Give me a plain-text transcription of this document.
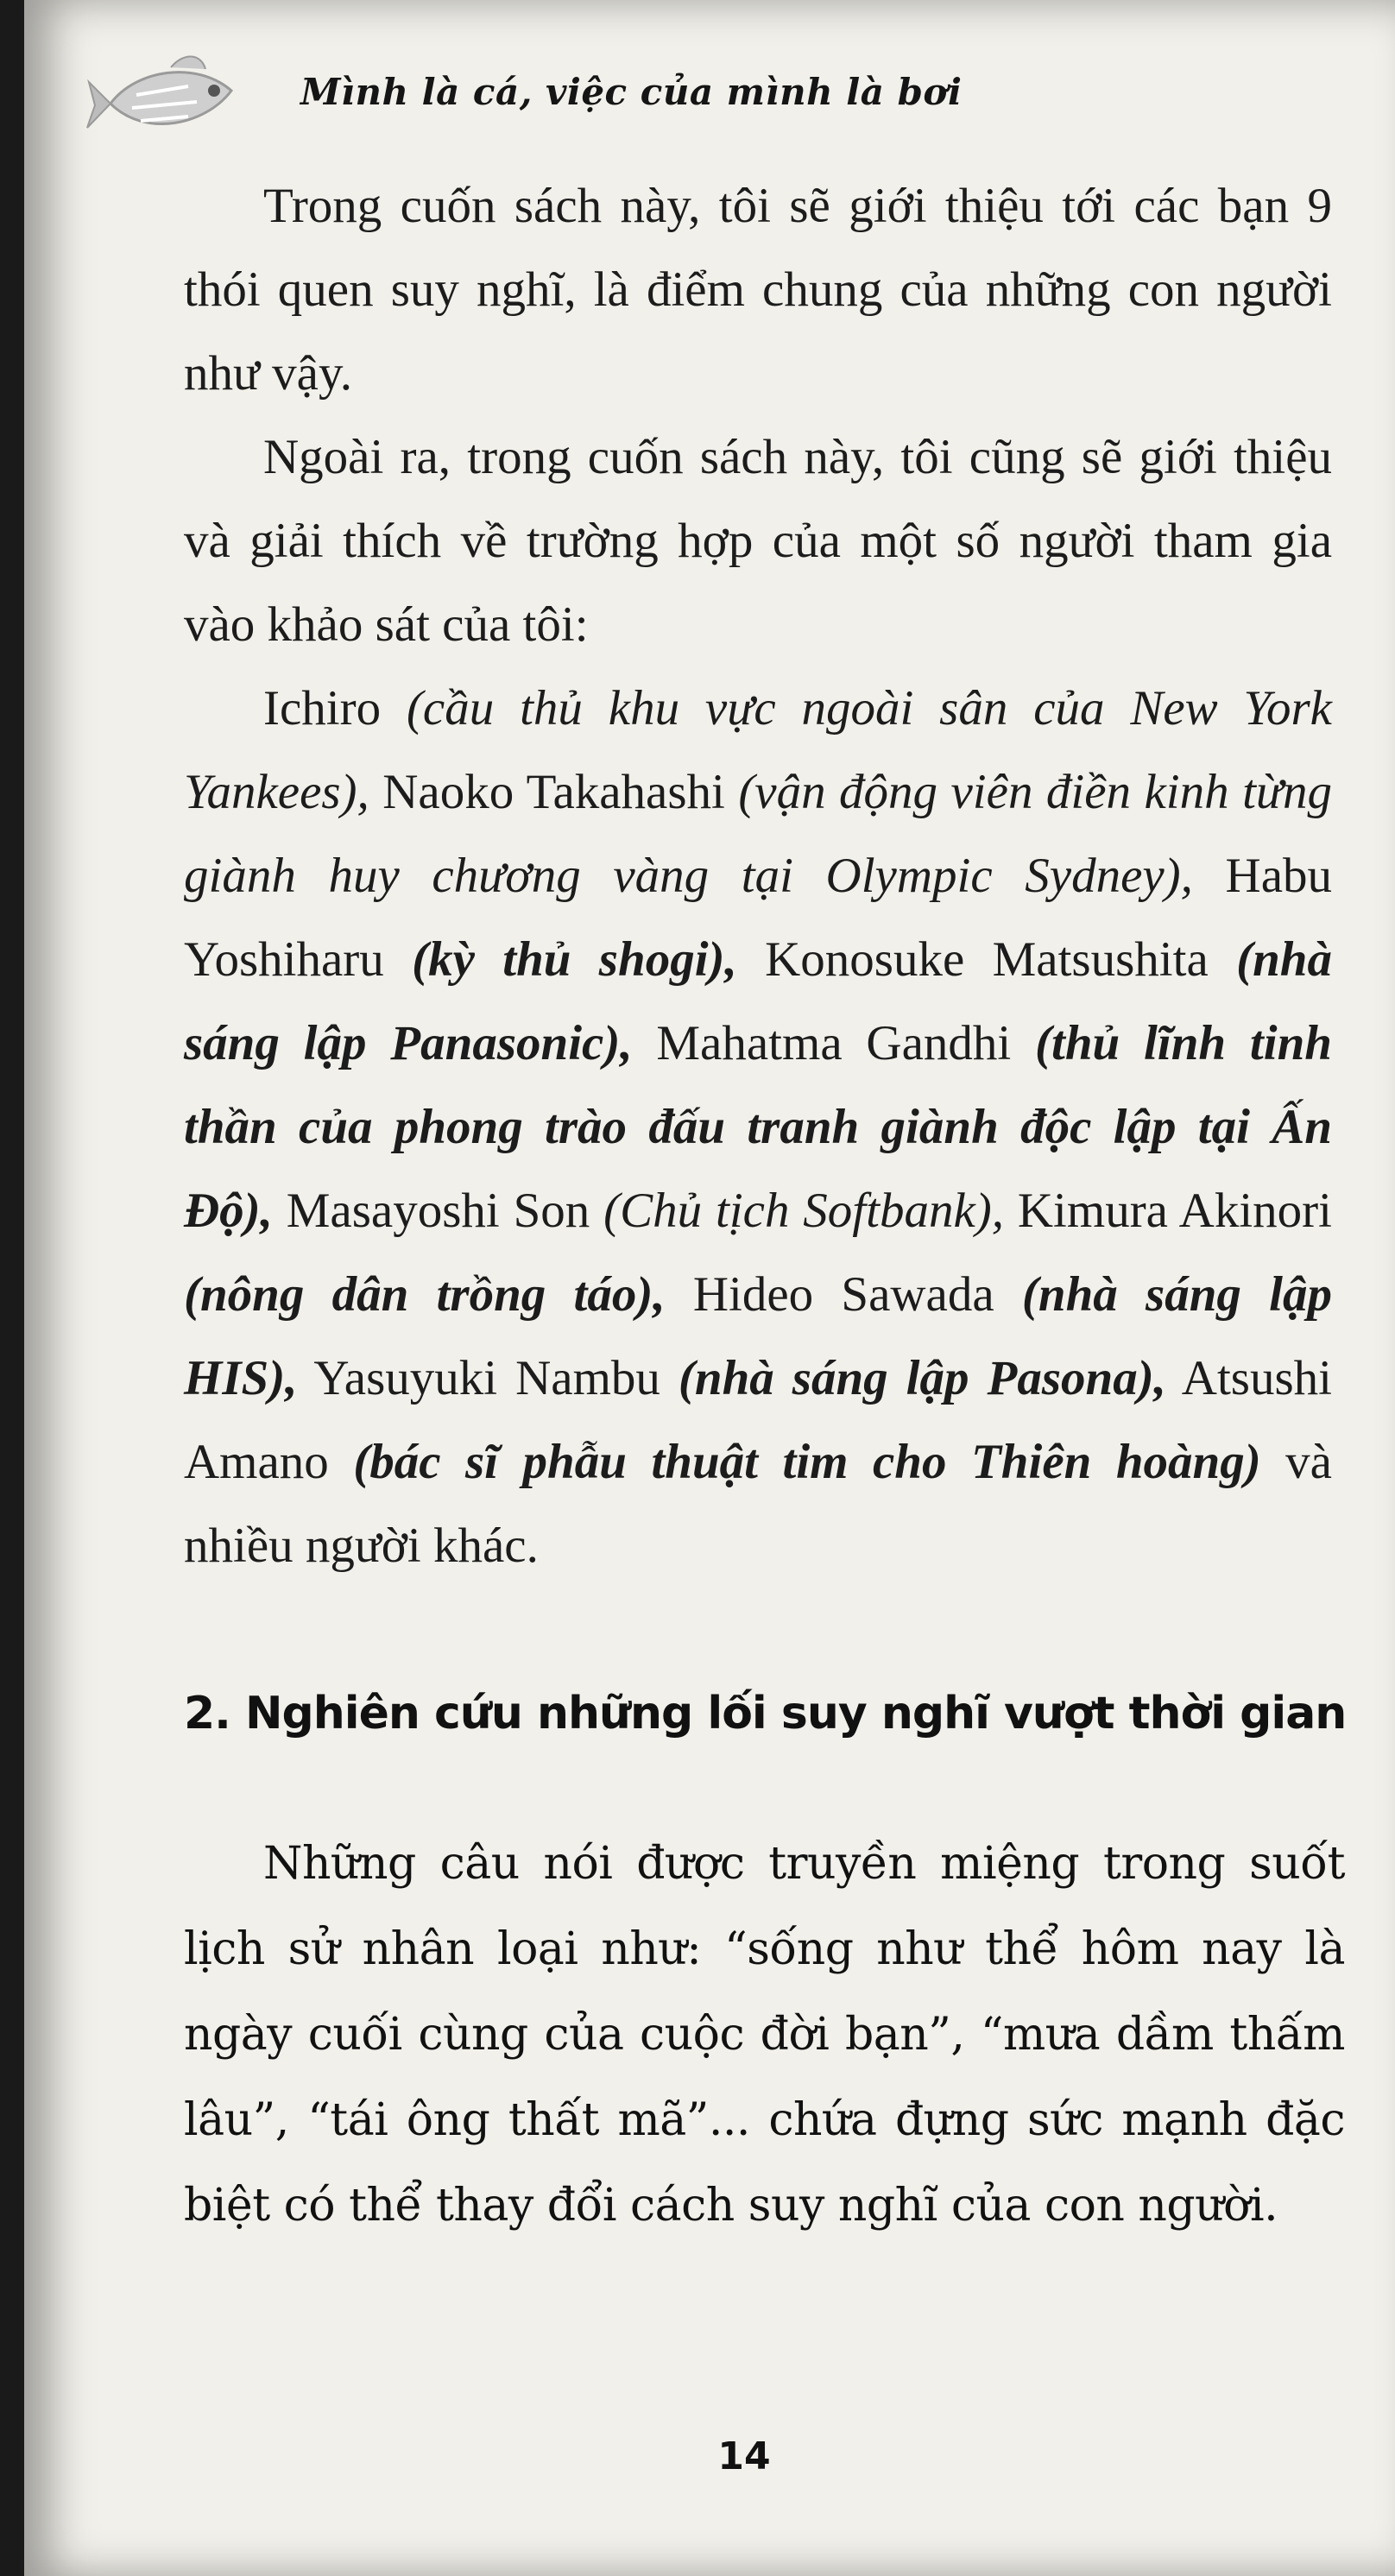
Mình là cá, việc của mình là bơi

Trong cuốn sách này, tôi sẽ giới thiệu tới các bạn 9 thói quen suy nghĩ, là điểm chung của những con người như vậy.

Ngoài ra, trong cuốn sách này, tôi cũng sẽ giới thiệu và giải thích về trường hợp của một số người tham gia vào khảo sát của tôi:

Ichiro (cầu thủ khu vực ngoài sân của New York Yankees), Naoko Takahashi (vận động viên điền kinh từng giành huy chương vàng tại Olympic Sydney), Habu Yoshiharu (kỳ thủ shogi), Konosuke Matsushita (nhà sáng lập Panasonic), Mahatma Gandhi (thủ lĩnh tinh thần của phong trào đấu tranh giành độc lập tại Ấn Độ), Masayoshi Son (Chủ tịch Softbank), Kimura Akinori (nông dân trồng táo), Hideo Sawada (nhà sáng lập HIS), Yasuyuki Nambu (nhà sáng lập Pasona), Atsushi Amano (bác sĩ phẫu thuật tim cho Thiên hoàng) và nhiều người khác.

2. Nghiên cứu những lối suy nghĩ vượt thời gian

Những câu nói được truyền miệng trong suốt lịch sử nhân loại như: “sống như thể hôm nay là ngày cuối cùng của cuộc đời bạn”, “mưa dầm thấm lâu”, “tái ông thất mã”... chứa đựng sức mạnh đặc biệt có thể thay đổi cách suy nghĩ của con người.

14
